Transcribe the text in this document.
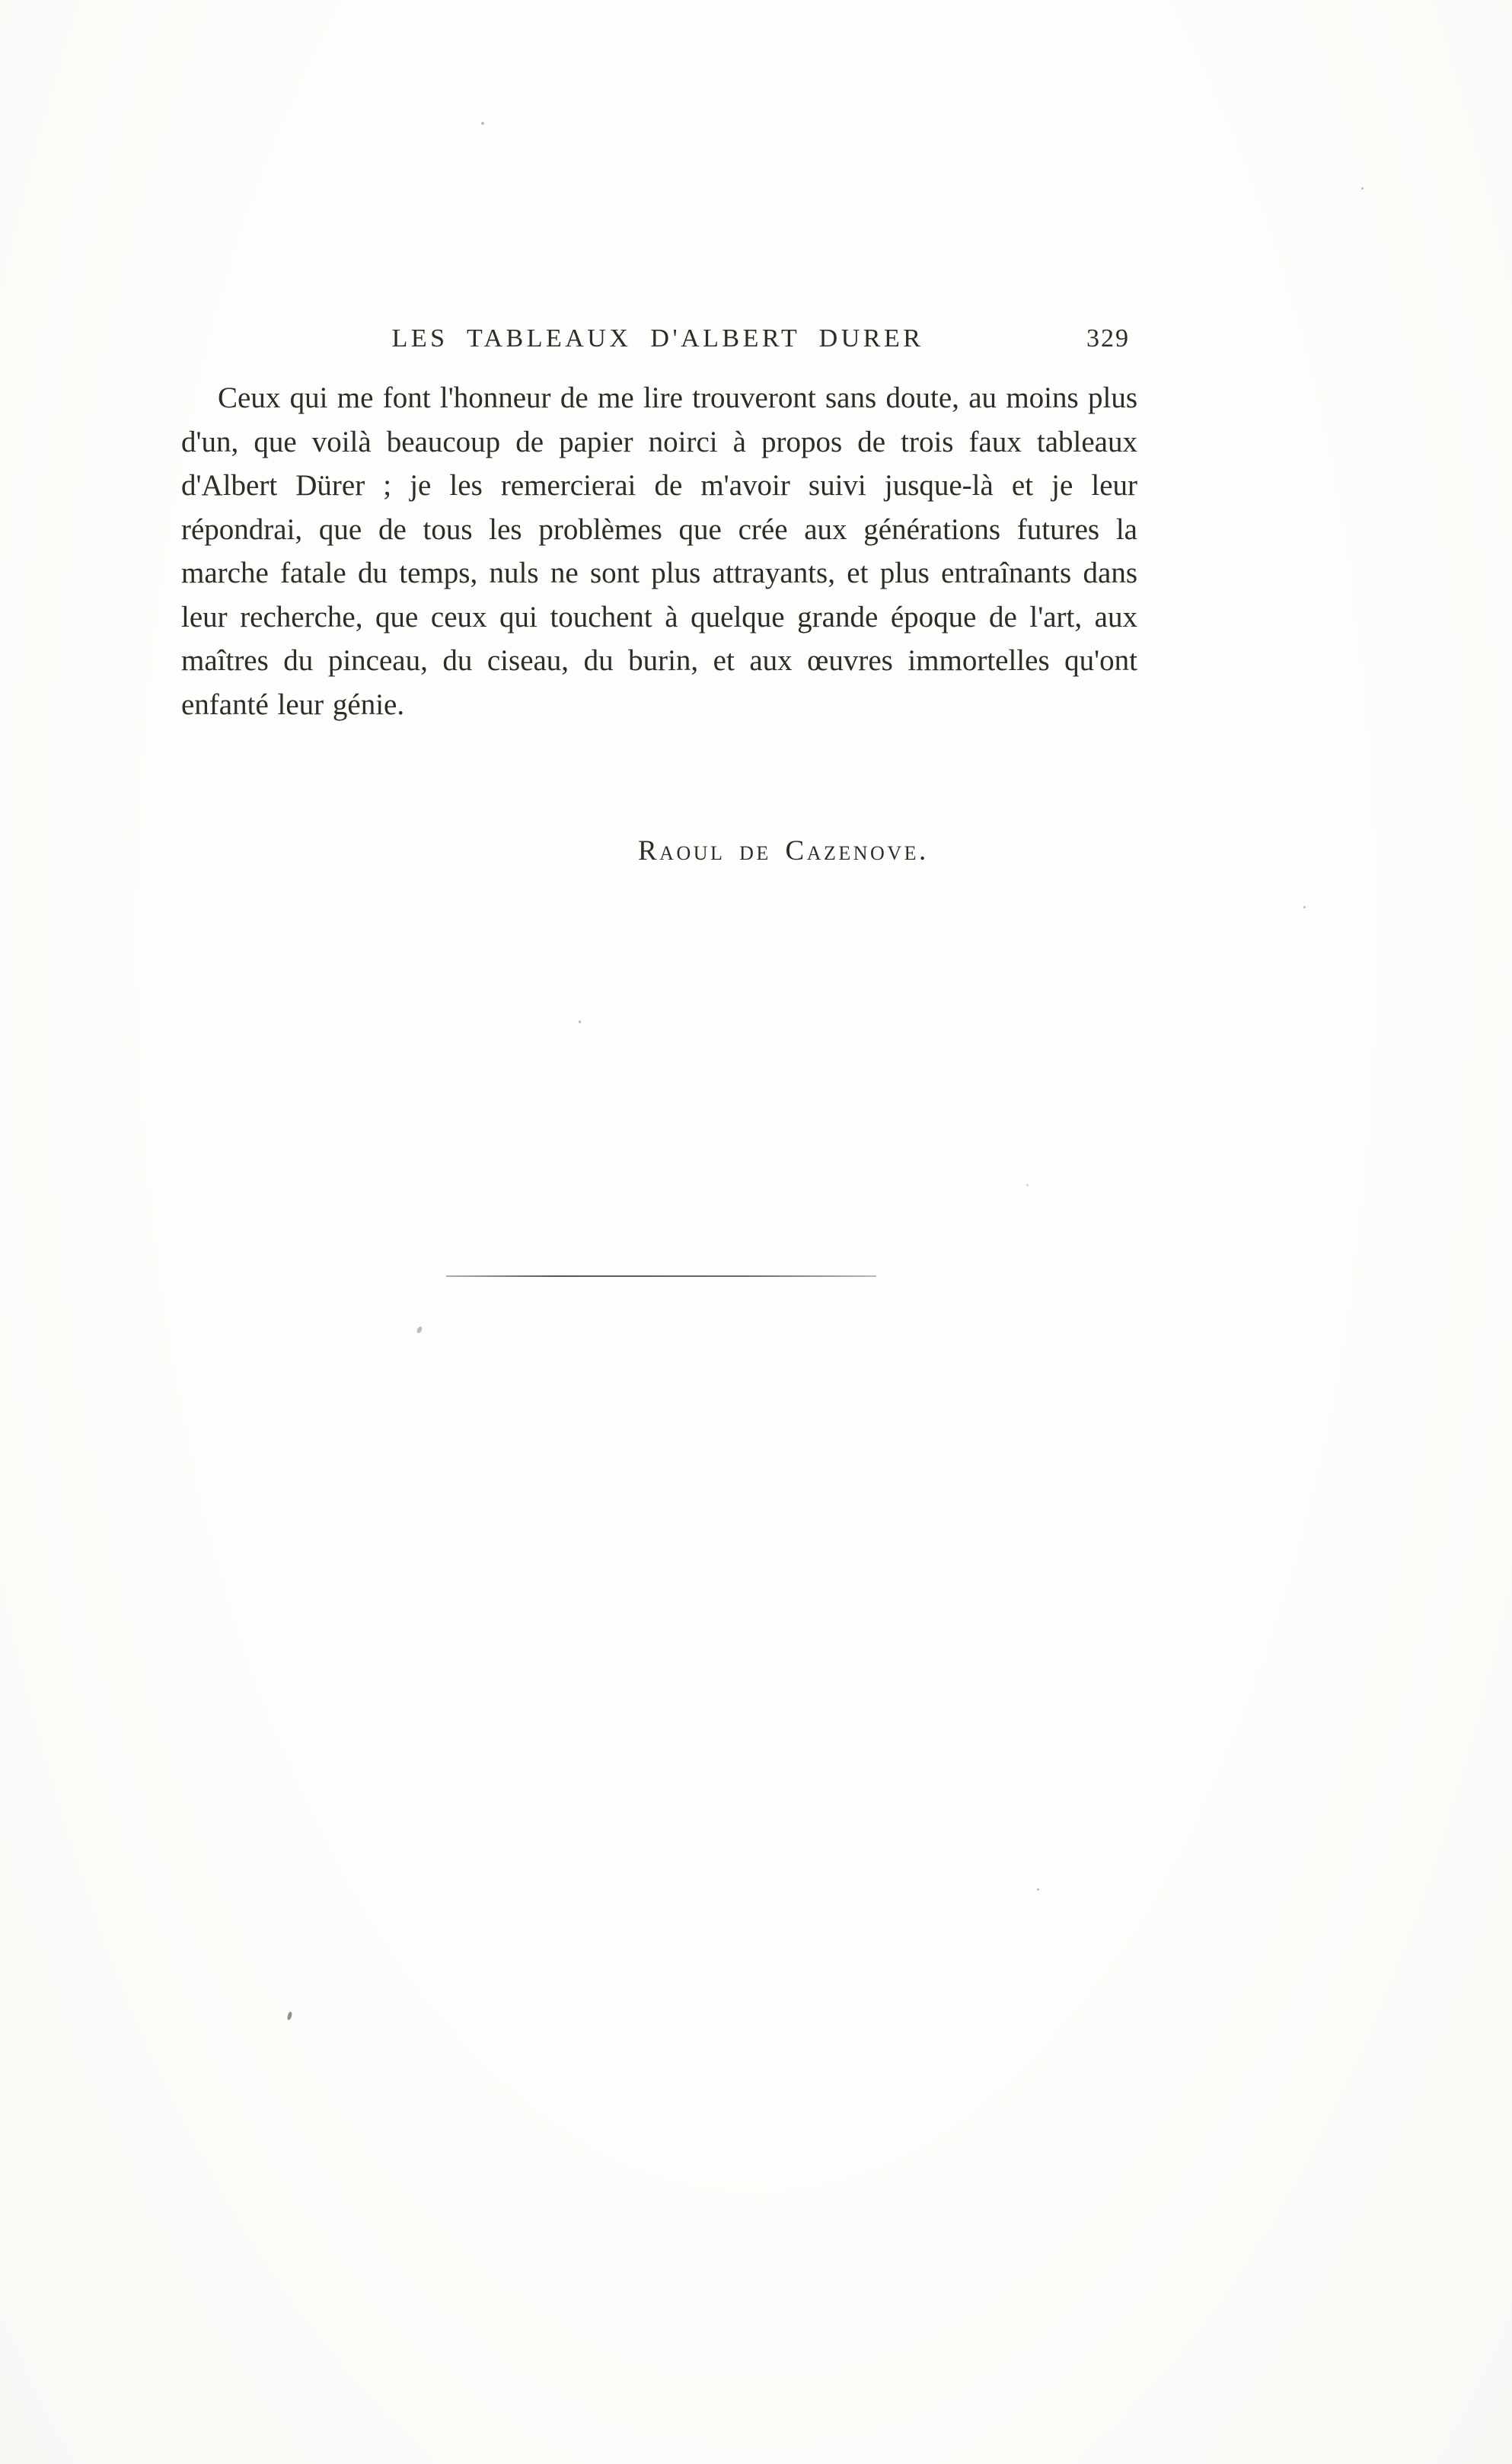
LES TABLEAUX D'ALBERT DURER	329

Ceux qui me font l'honneur de me lire trouveront sans doute, au moins plus d'un, que voilà beaucoup de papier noirci à propos de trois faux tableaux d'Albert Dürer ; je les remercierai de m'avoir suivi jusque-là et je leur répondrai, que de tous les problèmes que crée aux générations futures la marche fatale du temps, nuls ne sont plus attrayants, et plus entraînants dans leur recherche, que ceux qui touchent à quelque grande époque de l'art, aux maîtres du pinceau, du ciseau, du burin, et aux œuvres immortelles qu'ont enfanté leur génie.

Raoul de Cazenove.
